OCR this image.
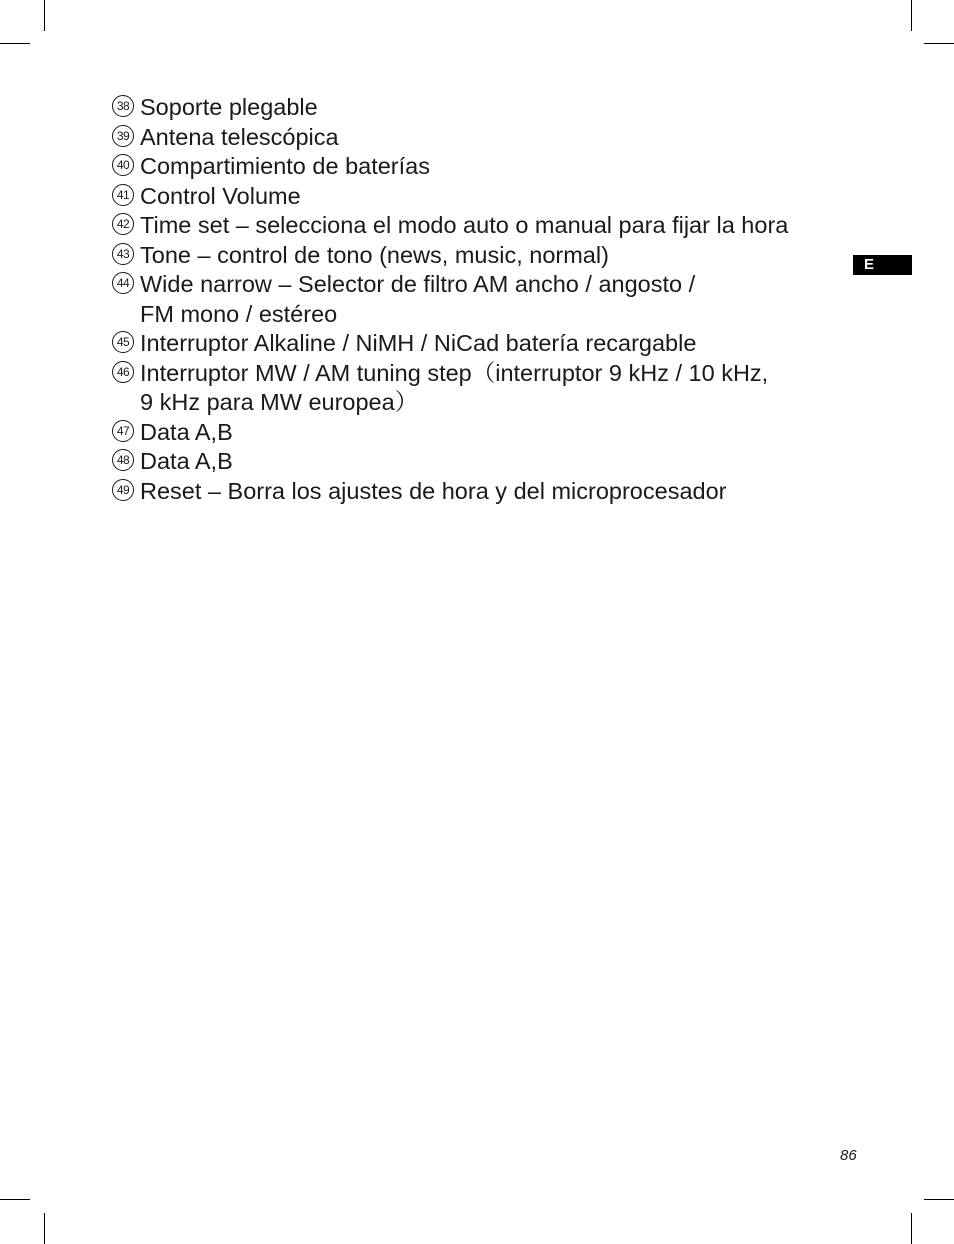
38 Soporte plegable
39 Antena telescópica
40 Compartimiento de baterías
41 Control Volume
42 Time set – selecciona el modo auto o manual para fijar la hora
43 Tone – control de tono (news, music, normal)
44 Wide narrow – Selector de filtro AM ancho / angosto /
FM mono / estéreo
45 Interruptor Alkaline / NiMH / NiCad batería recargable
46 Interruptor MW / AM tuning step（interruptor 9 kHz / 10 kHz,
9 kHz para MW europea）
47 Data A,B
48 Data A,B
49 Reset – Borra los ajustes de hora y del microprocesador
E
86
